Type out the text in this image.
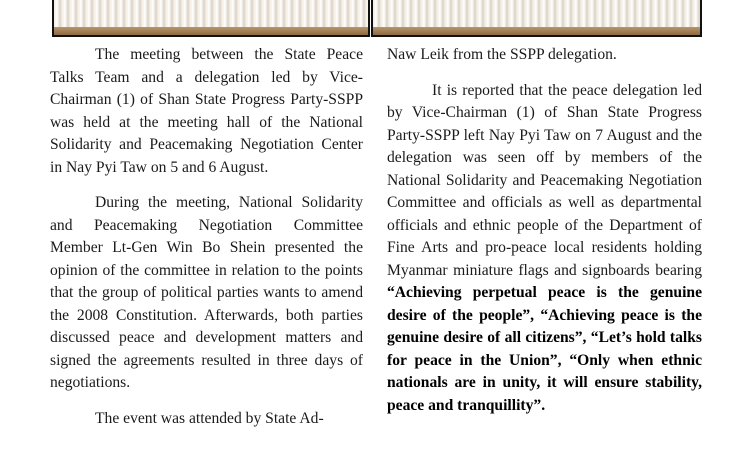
The meeting between the State Peace Talks Team and a delegation led by Vice-Chairman (1) of Shan State Progress Party-SSPP was held at the meeting hall of the National Solidarity and Peacemaking Negotiation Center in Nay Pyi Taw on 5 and 6 August.

During the meeting, National Solidarity and Peacemaking Negotiation Committee Member Lt-Gen Win Bo Shein presented the opinion of the committee in relation to the points that the group of political parties wants to amend the 2008 Constitution. Afterwards, both parties discussed peace and development matters and signed the agreements resulted in three days of negotiations.

The event was attended by State Ad-

Naw Leik from the SSPP delegation.

It is reported that the peace delegation led by Vice-Chairman (1) of Shan State Progress Party-SSPP left Nay Pyi Taw on 7 August and the delegation was seen off by members of the National Solidarity and Peacemaking Negotiation Committee and officials as well as departmental officials and ethnic people of the Department of Fine Arts and pro-peace local residents holding Myanmar miniature flags and signboards bearing “Achieving perpetual peace is the genuine desire of the people”, “Achieving peace is the genuine desire of all citizens”, “Let’s hold talks for peace in the Union”, “Only when ethnic nationals are in unity, it will ensure stability, peace and tranquillity”.
